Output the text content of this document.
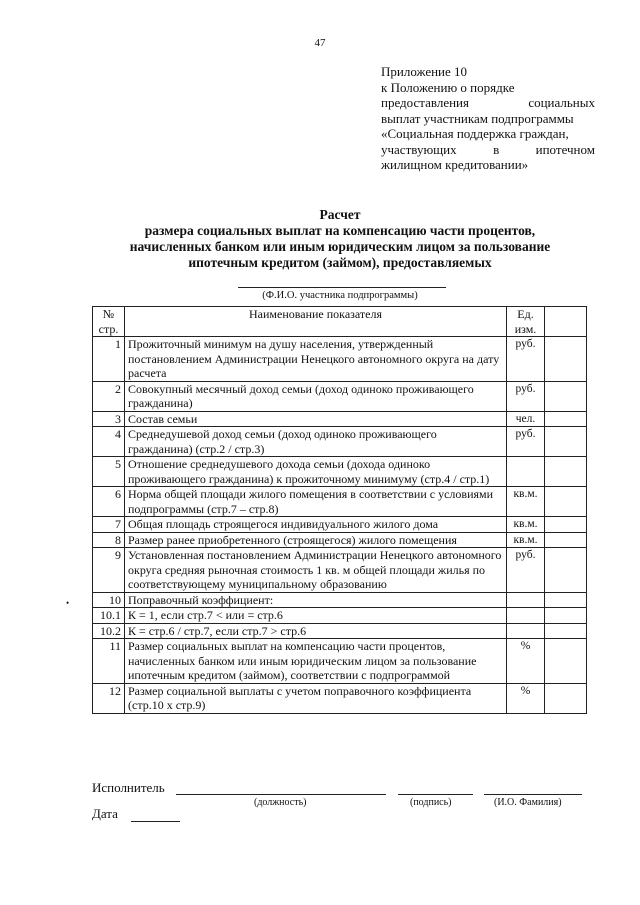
47
Приложение 10
к Положению о порядке
предоставления социальных
выплат участникам подпрограммы
«Социальная поддержка граждан,
участвующих в ипотечном
жилищном кредитовании»
Расчет
размера социальных выплат на компенсацию части процентов,
начисленных банком или иным юридическим лицом за пользование
ипотечным кредитом (займом), предоставляемых
(Ф.И.О. участника подпрограммы)
•
№ стр.	Наименование показателя	Ед. изм.	
1	Прожиточный минимум на душу населения, утвержденный постановлением Администрации Ненецкого автономного округа на дату расчета	руб.	
2	Совокупный месячный доход семьи (доход одиноко проживающего гражданина)	руб.	
3	Состав семьи	чел.	
4	Среднедушевой доход семьи (доход одиноко проживающего гражданина) (стр.2 / стр.3)	руб.	
5	Отношение среднедушевого дохода семьи (дохода одиноко проживающего гражданина) к прожиточному минимуму (стр.4 / стр.1)		
6	Норма общей площади жилого помещения в соответствии с условиями подпрограммы (стр.7 – стр.8)	кв.м.	
7	Общая площадь строящегося индивидуального жилого дома	кв.м.	
8	Размер ранее приобретенного (строящегося) жилого помещения	кв.м.	
9	Установленная постановлением Администрации Ненецкого автономного округа средняя рыночная стоимость 1 кв. м общей площади жилья по соответствующему муниципальному образованию	руб.	
10	Поправочный коэффициент:		
10.1	К = 1, если стр.7 < или = стр.6		
10.2	К = стр.6 / стр.7, если стр.7 > стр.6		
11	Размер социальных выплат на компенсацию части процентов, начисленных банком или иным юридическим лицом за пользование ипотечным кредитом (займом), соответствии с подпрограммой	%	
12	Размер социальной выплаты с учетом поправочного коэффициента (стр.10 х стр.9)	%	
Исполнитель
(должность)	(подпись)	(И.О. Фамилия)
Дата
